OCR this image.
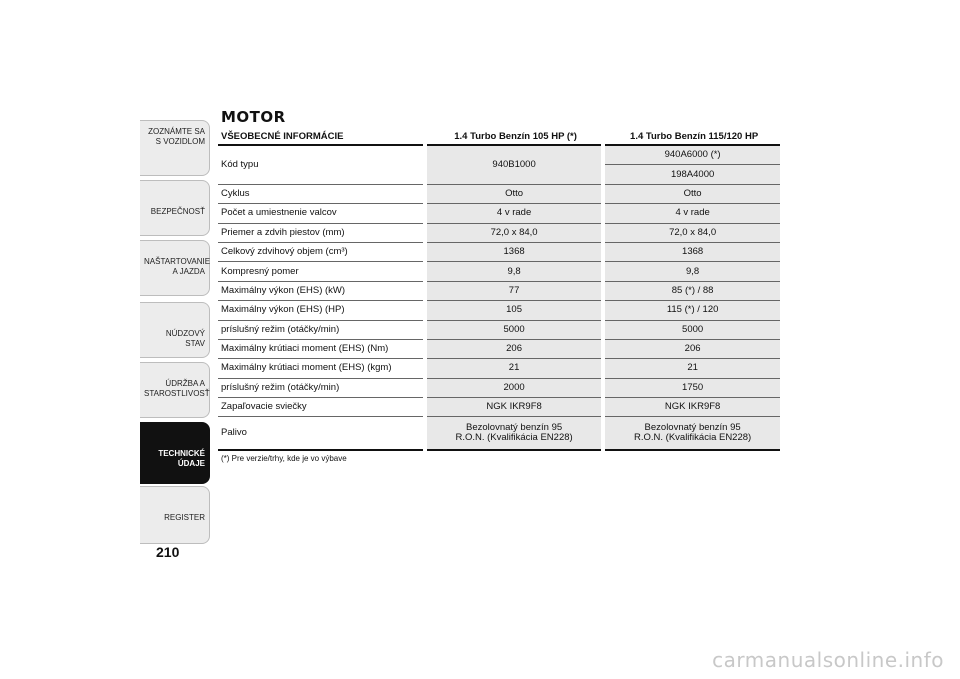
ZOZNÁMTE SA S VOZIDLOM
BEZPEČNOSŤ
NAŠTARTOVANIE A JAZDA
NÚDZOVÝ STAV
ÚDRŽBA A STAROSTLIVOSŤ
TECHNICKÉ ÚDAJE
REGISTER
210
MOTOR
VŠEOBECNÉ INFORMÁCIE	1.4 Turbo Benzín 105 HP (*)	1.4 Turbo Benzín 115/120 HP
Kód typu	940B1000	940A6000 (*)
		198A4000
Cyklus	Otto	Otto
Počet a umiestnenie valcov	4 v rade	4 v rade
Priemer a zdvih piestov (mm)	72,0 x 84,0	72,0 x 84,0
Celkový zdvihový objem (cm³)	1368	1368
Kompresný pomer	9,8	9,8
Maximálny výkon (EHS) (kW)	77	85 (*) / 88
Maximálny výkon (EHS) (HP)	105	115 (*) / 120
príslušný režim (otáčky/min)	5000	5000
Maximálny krútiaci moment (EHS) (Nm)	206	206
Maximálny krútiaci moment (EHS) (kgm)	21	21
príslušný režim (otáčky/min)	2000	1750
Zapaľovacie sviečky	NGK IKR9F8	NGK IKR9F8
Palivo	Bezolovnatý benzín 95 R.O.N. (Kvalifikácia EN228)	Bezolovnatý benzín 95 R.O.N. (Kvalifikácia EN228)
(*) Pre verzie/trhy, kde je vo výbave
carmanualsonline.info
